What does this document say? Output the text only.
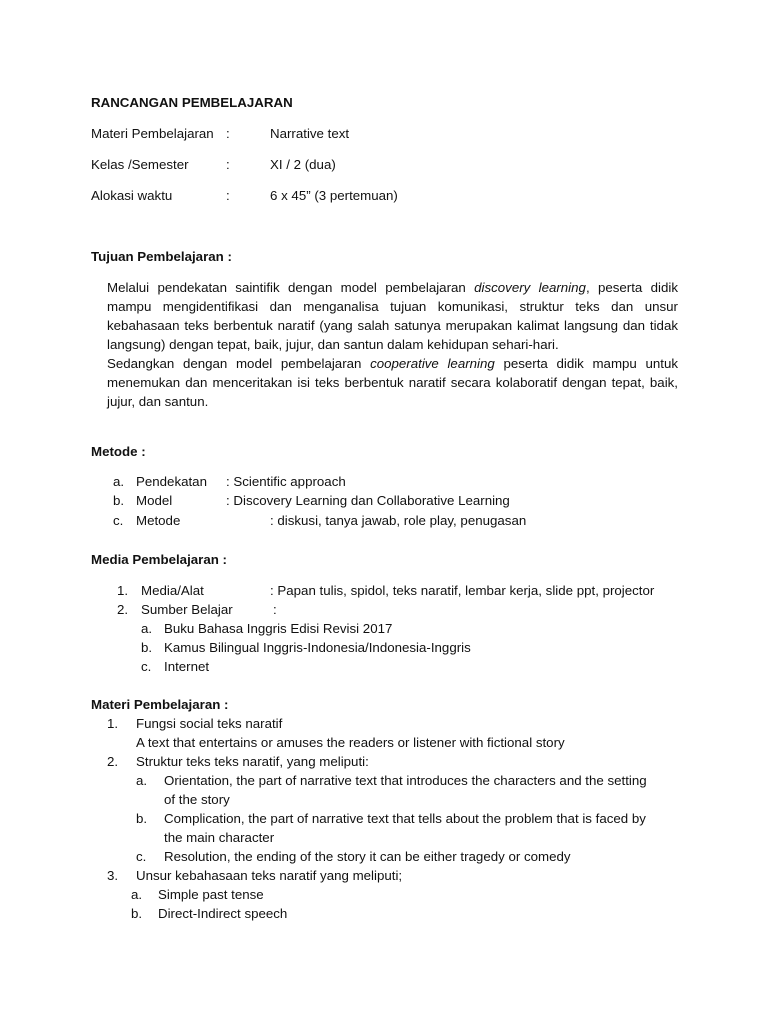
RANCANGAN PEMBELAJARAN
Materi Pembelajaran :	Narrative text
Kelas /Semester	:	XI / 2 (dua)
Alokasi waktu	:	6 x 45” (3 pertemuan)
Tujuan Pembelajaran :
Melalui pendekatan saintifik dengan model pembelajaran discovery learning, peserta didik mampu mengidentifikasi dan menganalisa tujuan komunikasi, struktur teks dan unsur kebahasaan teks berbentuk naratif (yang salah satunya merupakan kalimat langsung dan tidak langsung) dengan tepat, baik, jujur, dan santun dalam kehidupan sehari-hari.
Sedangkan dengan model pembelajaran cooperative learning peserta didik mampu untuk menemukan dan menceritakan isi teks berbentuk naratif secara kolaboratif dengan tepat, baik, jujur, dan santun.
Metode :
a. Pendekatan : Scientific approach
b. Model	: Discovery Learning dan Collaborative Learning
c. Metode	: diskusi, tanya jawab, role play, penugasan
Media Pembelajaran :
1. Media/Alat	: Papan tulis, spidol, teks naratif, lembar kerja, slide ppt, projector
2. Sumber Belajar	:
a. Buku Bahasa Inggris Edisi Revisi 2017
b. Kamus Bilingual Inggris-Indonesia/Indonesia-Inggris
c. Internet
Materi Pembelajaran :
1. Fungsi social teks naratif
A text that entertains or amuses the readers or listener with fictional story
2. Struktur teks teks naratif, yang meliputi:
a. Orientation, the part of narrative text that introduces the characters and the setting
of the story
b. Complication, the part of narrative text that tells about the problem that is faced by
the main character
c. Resolution, the ending of the story it can be either tragedy or comedy
3. Unsur kebahasaan teks naratif yang meliputi;
a. Simple past tense
b. Direct-Indirect speech
